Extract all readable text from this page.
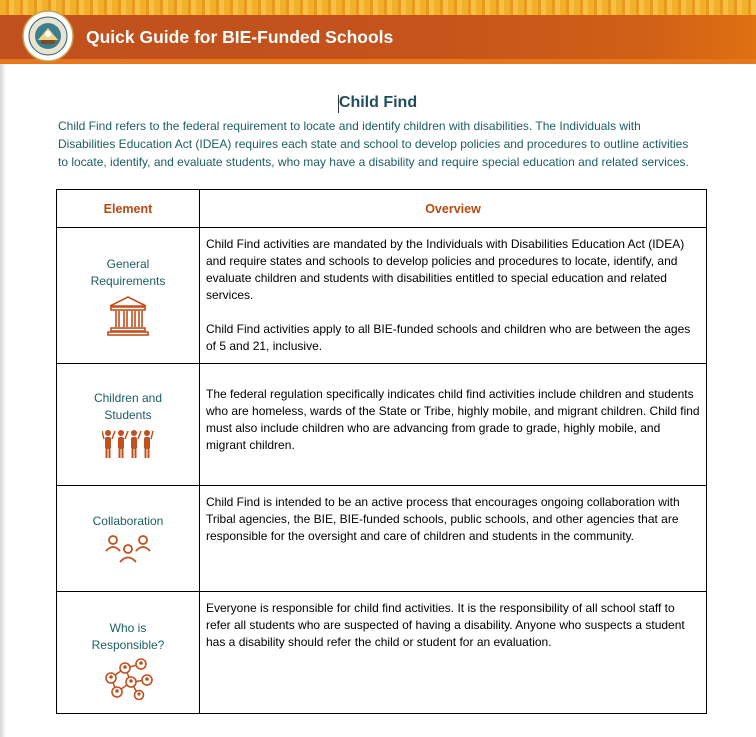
Quick Guide for BIE-Funded Schools
Child Find
Child Find refers to the federal requirement to locate and identify children with disabilities. The Individuals with Disabilities Education Act (IDEA) requires each state and school to develop policies and procedures to outline activities to locate, identify, and evaluate students, who may have a disability and require special education and related services.
Element	Overview

General Requirements	Child Find activities are mandated by the Individuals with Disabilities Education Act (IDEA) and require states and schools to develop policies and procedures to locate, identify, and evaluate children and students with disabilities entitled to special education and related services.

Child Find activities apply to all BIE-funded schools and children who are between the ages of 5 and 21, inclusive.

Children and Students	The federal regulation specifically indicates child find activities include children and students who are homeless, wards of the State or Tribe, highly mobile, and migrant children. Child find must also include children who are advancing from grade to grade, highly mobile, and migrant children.

Collaboration	Child Find is intended to be an active process that encourages ongoing collaboration with Tribal agencies, the BIE, BIE-funded schools, public schools, and other agencies that are responsible for the oversight and care of children and students in the community.

Who is Responsible?	Everyone is responsible for child find activities. It is the responsibility of all school staff to refer all students who are suspected of having a disability. Anyone who suspects a student has a disability should refer the child or student for an evaluation.
